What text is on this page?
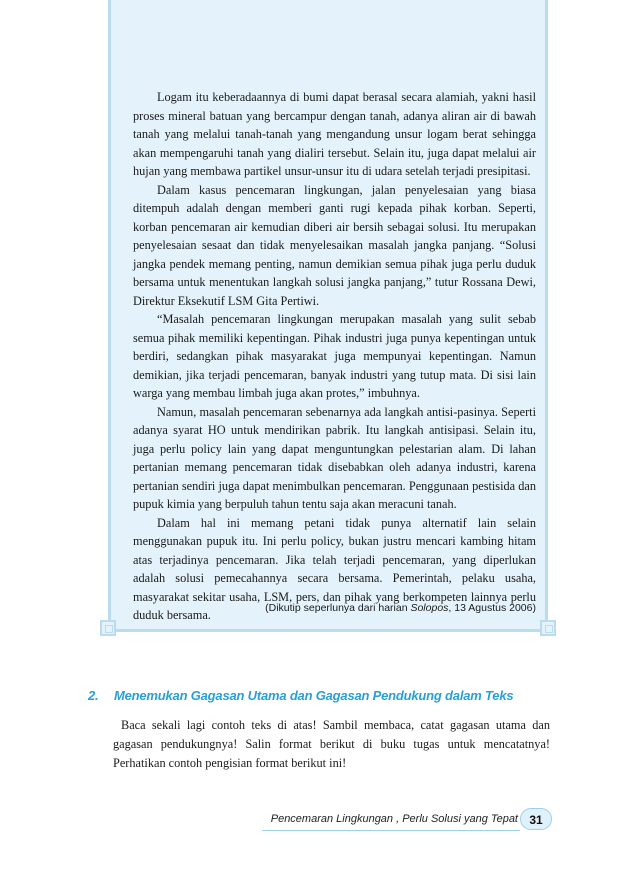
Logam itu keberadaannya di bumi dapat berasal secara alamiah, yakni hasil proses mineral batuan yang bercampur dengan tanah, adanya aliran air di bawah tanah yang melalui tanah-tanah yang mengandung unsur logam berat sehingga akan mempengaruhi tanah yang dialiri tersebut. Selain itu, juga dapat melalui air hujan yang membawa partikel unsur-unsur itu di udara setelah terjadi presipitasi.

Dalam kasus pencemaran lingkungan, jalan penyelesaian yang biasa ditempuh adalah dengan memberi ganti rugi kepada pihak korban. Seperti, korban pencemaran air kemudian diberi air bersih sebagai solusi. Itu merupakan penyelesaian sesaat dan tidak menyelesaikan masalah jangka panjang. “Solusi jangka pendek memang penting, namun demikian semua pihak juga perlu duduk bersama untuk menentukan langkah solusi jangka panjang,” tutur Rossana Dewi, Direktur Eksekutif LSM Gita Pertiwi.

“Masalah pencemaran lingkungan merupakan masalah yang sulit sebab semua pihak memiliki kepentingan. Pihak industri juga punya kepentingan untuk berdiri, sedangkan pihak masyarakat juga mempunyai kepentingan. Namun demikian, jika terjadi pencemaran, banyak industri yang tutup mata. Di sisi lain warga yang membau limbah juga akan protes,” imbuhnya.

Namun, masalah pencemaran sebenarnya ada langkah antisi-pasinya. Seperti adanya syarat HO untuk mendirikan pabrik. Itu langkah antisipasi. Selain itu, juga perlu policy lain yang dapat menguntungkan pelestarian alam. Di lahan pertanian memang pencemaran tidak disebabkan oleh adanya industri, karena pertanian sendiri juga dapat menimbulkan pencemaran. Penggunaan pestisida dan pupuk kimia yang berpuluh tahun tentu saja akan meracuni tanah.

Dalam hal ini memang petani tidak punya alternatif lain selain menggunakan pupuk itu. Ini perlu policy, bukan justru mencari kambing hitam atas terjadinya pencemaran. Jika telah terjadi pencemaran, yang diperlukan adalah solusi pemecahannya secara bersama. Pemerintah, pelaku usaha, masyarakat sekitar usaha, LSM, pers, dan pihak yang berkompeten lainnya perlu duduk bersama.	(Dikutip seperlunya dari harian Solopos, 13 Agustus 2006)
2. Menemukan Gagasan Utama dan Gagasan Pendukung dalam Teks

Baca sekali lagi contoh teks di atas! Sambil membaca, catat gagasan utama dan gagasan pendukungnya! Salin format berikut di buku tugas untuk mencatatnya! Perhatikan contoh pengisian format berikut ini!

Pencemaran Lingkungan , Perlu Solusi yang Tepat 31
